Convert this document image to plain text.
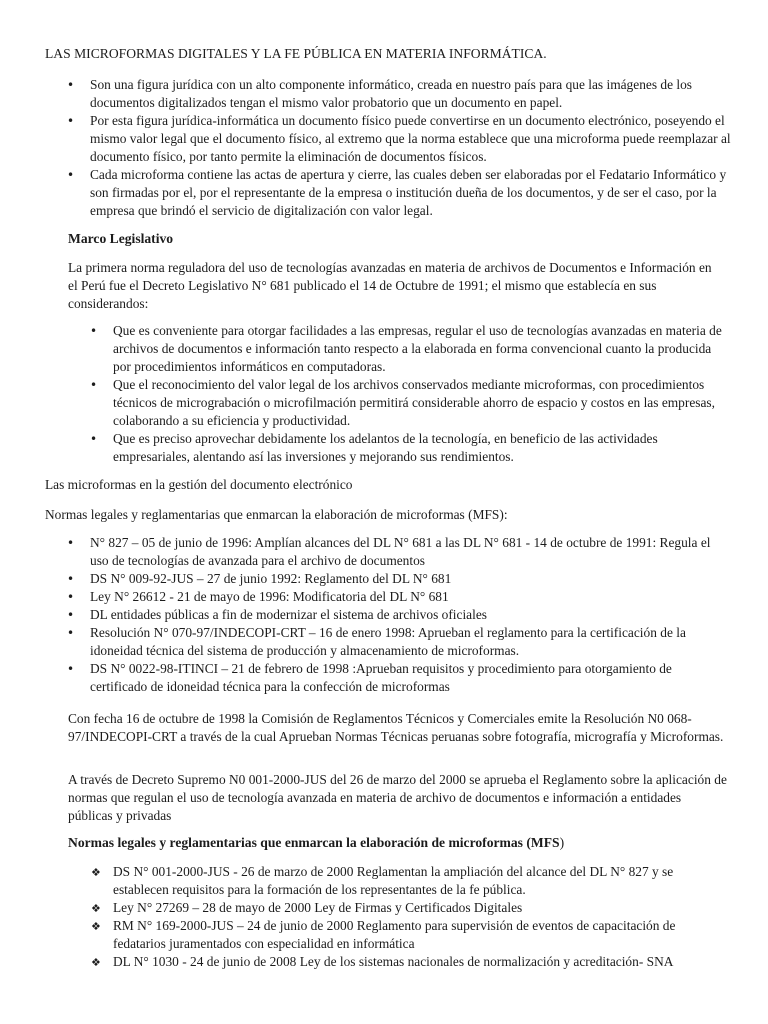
LAS MICROFORMAS DIGITALES Y LA FE PÚBLICA EN MATERIA INFORMÁTICA.
•
Son una figura jurídica con un alto componente informático, creada en nuestro país para que las imágenes de los documentos digitalizados tengan el mismo valor probatorio que un documento en papel.
•
Por esta figura jurídica-informática un documento físico puede convertirse en un documento electrónico, poseyendo el mismo valor legal que el documento físico, al extremo que la norma establece que una microforma puede reemplazar al documento físico, por tanto permite la eliminación de documentos físicos.
•
Cada microforma contiene las actas de apertura y cierre, las cuales deben ser elaboradas por el Fedatario Informático y son firmadas por el, por el representante de la empresa o institución dueña de los documentos, y de ser el caso, por la empresa que brindó el servicio de digitalización con valor legal.
Marco Legislativo

La primera norma reguladora del uso de tecnologías avanzadas en materia de archivos de Documentos e Información en el Perú fue el Decreto Legislativo N° 681 publicado el 14 de Octubre de 1991; el mismo que establecía en sus considerandos:

•
Que es conveniente para otorgar facilidades a las empresas, regular el uso de tecnologías avanzadas en materia de archivos de documentos e información tanto respecto a la elaborada en forma convencional cuanto la producida por procedimientos informáticos en computadoras.
•
Que el reconocimiento del valor legal de los archivos conservados mediante microformas, con procedimientos técnicos de micrograbación o microfilmación permitirá considerable ahorro de espacio y costos en las empresas, colaborando a su eficiencia y productividad.
•
Que es preciso aprovechar debidamente los adelantos de la tecnología, en beneficio de las actividades empresariales, alentando así las inversiones y mejorando sus rendimientos.

Las microformas en la gestión del documento electrónico

Normas legales y reglamentarias que enmarcan la elaboración de microformas (MFS):

•
N° 827 – 05 de junio de 1996: Amplían alcances del DL N° 681 a las DL N° 681 - 14 de octubre de 1991: Regula el uso de tecnologías de avanzada para el archivo de documentos
•
DS N° 009-92-JUS – 27 de junio 1992: Reglamento del DL N° 681
•
Ley N° 26612 - 21 de mayo de 1996: Modificatoria del DL N° 681
•
DL entidades públicas a fin de modernizar el sistema de archivos oficiales
•
Resolución N° 070-97/INDECOPI-CRT – 16 de enero 1998: Aprueban el reglamento para la certificación de la idoneidad técnica del sistema de producción y almacenamiento de microformas.
•
DS N° 0022-98-ITINCI – 21 de febrero de 1998 :Aprueban requisitos y procedimiento para otorgamiento de certificado de idoneidad técnica para la confección de microformas

Con fecha 16 de octubre de 1998 la Comisión de Reglamentos Técnicos y Comerciales emite la Resolución N0 068-97/INDECOPI-CRT a través de la cual Aprueban Normas Técnicas peruanas sobre fotografía, micrografía y Microformas.

A través de Decreto Supremo N0 001-2000-JUS del 26 de marzo del 2000 se aprueba el Reglamento sobre la aplicación de normas que regulan el uso de tecnología avanzada en materia de archivo de documentos e información a entidades públicas y privadas

Normas legales y reglamentarias que enmarcan la elaboración de microformas (MFS)

❖
DS N° 001-2000-JUS - 26 de marzo de 2000 Reglamentan la ampliación del alcance del DL N° 827 y se establecen requisitos para la formación de los representantes de la fe pública.
❖
Ley N° 27269 – 28 de mayo de 2000 Ley de Firmas y Certificados Digitales
❖
RM N° 169-2000-JUS – 24 de junio de 2000 Reglamento para supervisión de eventos de capacitación de fedatarios juramentados con especialidad en informática
❖
DL N° 1030 - 24 de junio de 2008 Ley de los sistemas nacionales de normalización y acreditación- SNA
